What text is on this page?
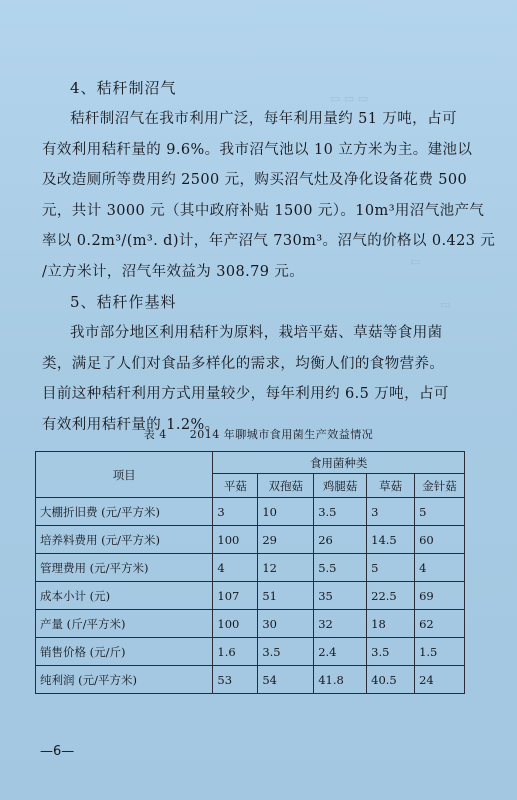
▭ ▭ ▭
▭
▭
4、秸秆制沼气
秸秆制沼气在我市利用广泛，每年利用量约 51 万吨，占可
有效利用秸秆量的 9.6%。我市沼气池以 10 立方米为主。建池以
及改造厕所等费用约 2500 元，购买沼气灶及净化设备花费 500
元，共计 3000 元（其中政府补贴 1500 元）。10m³用沼气池产气
率以 0.2m³/(m³. d)计，年产沼气 730m³。沼气的价格以 0.423 元
/立方米计，沼气年效益为 308.79 元。
5、秸秆作基料
我市部分地区利用秸秆为原料，栽培平菇、草菇等食用菌
类，满足了人们对食品多样化的需求，均衡人们的食物营养。
目前这种秸秆利用方式用量较少，每年利用约 6.5 万吨，占可
有效利用秸秆量的 1.2%。
表 4　　2014 年聊城市食用菌生产效益情况
项目	食用菌种类				
	平菇	双孢菇	鸡腿菇	草菇	金针菇
大棚折旧费 (元/平方米)	3	10	3.5	3	5
培养料费用 (元/平方米)	100	29	26	14.5	60
管理费用 (元/平方米)	4	12	5.5	5	4
成本小计 (元)	107	51	35	22.5	69
产量 (斤/平方米)	100	30	32	18	62
销售价格 (元/斤)	1.6	3.5	2.4	3.5	1.5
纯利润 (元/平方米)	53	54	41.8	40.5	24
—6—
